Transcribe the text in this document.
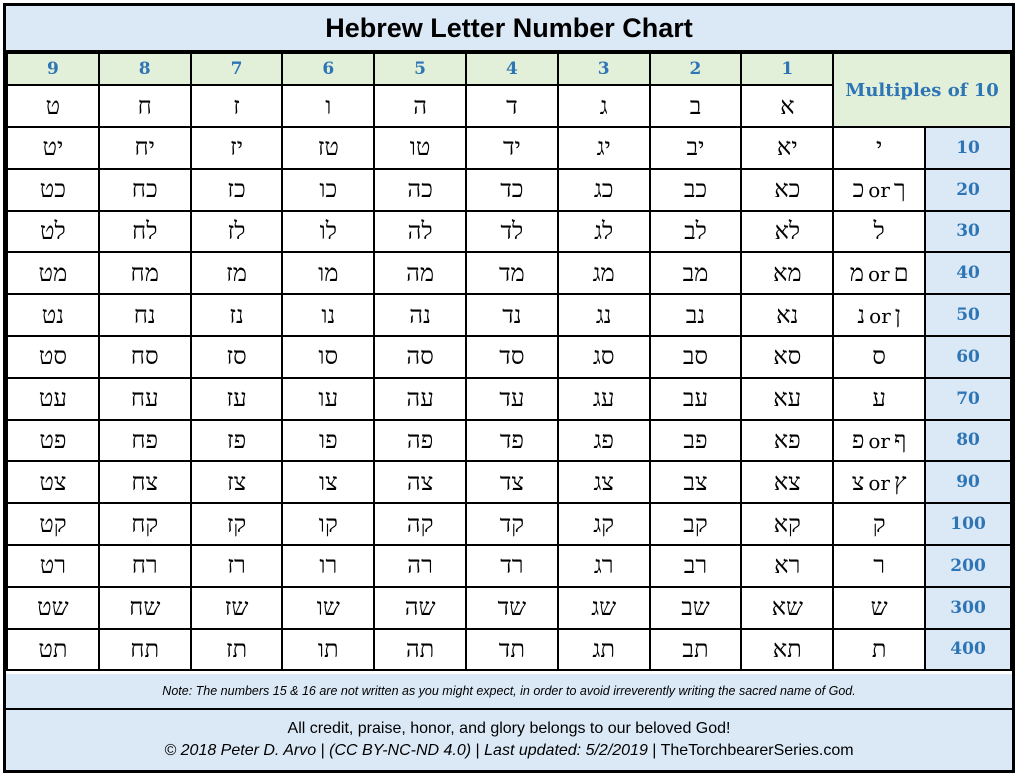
Hebrew Letter Number Chart
9	8	7	6	5	4	3	2	1	Multiples of 10	
ט	ח	ז	ו	ה	ד	ג	ב	א		
יט	יח	יז	טז	טו	יד	יג	יב	יא	י	10
כט	כח	כז	כו	כה	כד	כג	כב	כא	ךorכ	20
לט	לח	לז	לו	לה	לד	לג	לב	לא	ל	30
מט	מח	מז	מו	מה	מד	מג	מב	מא	םorמ	40
נט	נח	נז	נו	נה	נד	נג	נב	נא	ןorנ	50
סט	סח	סז	סו	סה	סד	סג	סב	סא	ס	60
עט	עח	עז	עו	עה	עד	עג	עב	עא	ע	70
פט	פח	פז	פו	פה	פד	פג	פב	פא	ףorפ	80
צט	צח	צז	צו	צה	צד	צג	צב	צא	ץorצ	90
קט	קח	קז	קו	קה	קד	קג	קב	קא	ק	100
רט	רח	רז	רו	רה	רד	רג	רב	רא	ר	200
שט	שח	שז	שו	שה	שד	שג	שב	שא	ש	300
תט	תח	תז	תו	תה	תד	תג	תב	תא	ת	400
Note: The numbers 15 & 16 are not written as you might expect, in order to avoid irreverently writing the sacred name of God.
All credit, praise, honor, and glory belongs to our beloved God!
© 2018 Peter D. Arvo | (CC BY-NC-ND 4.0) | Last updated: 5/2/2019 | TheTorchbearerSeries.com
